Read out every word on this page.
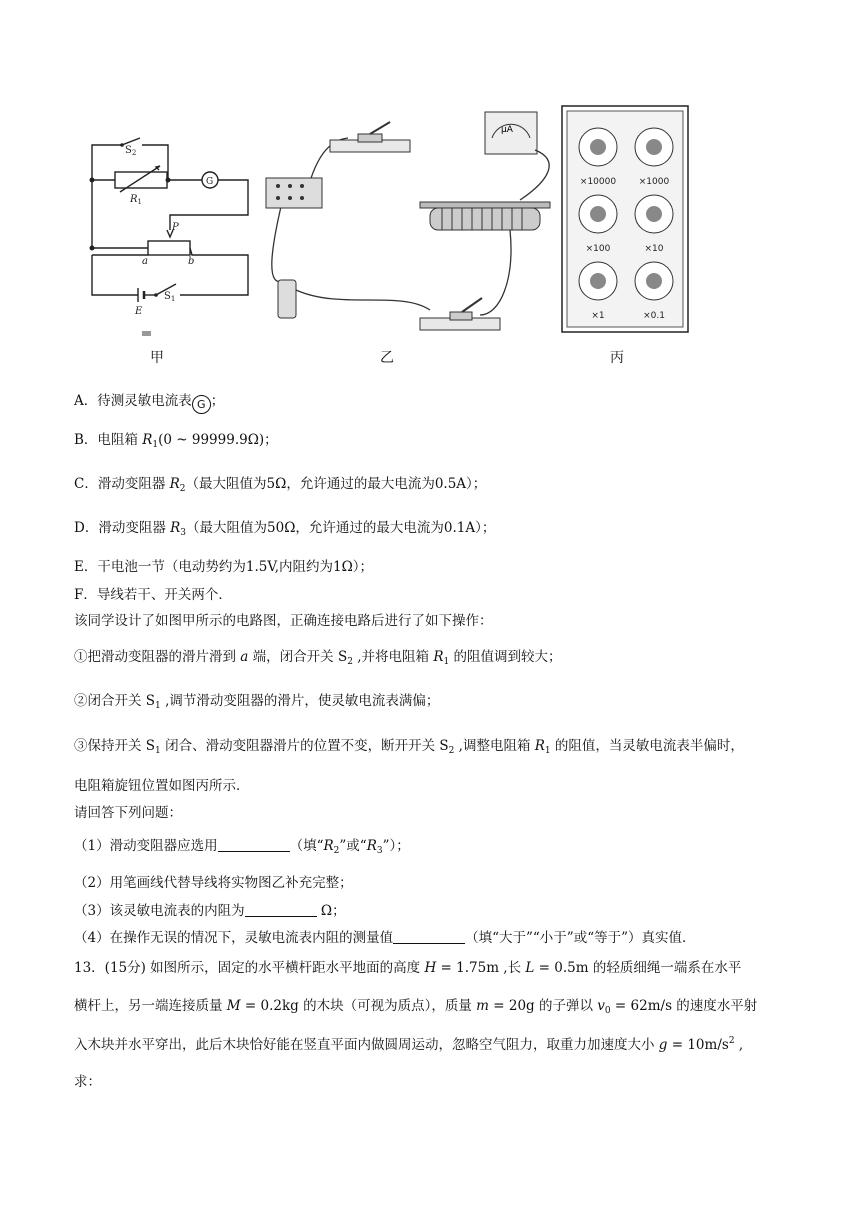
$S_2$
$R_1$
G
P
a	b
E
$S_1$
μA
×10000	×1000
×100	×10
×1	×0.1
甲	乙	丙
A．待测灵敏电流表 G ；
B．电阻箱 $R_1(0$ ~ 99999.9Ω)；
C．滑动变阻器 $R_2$（最大阻值为5Ω，允许通过的最大电流为0.5A）；
D．滑动变阻器 $R_3$（最大阻值为50Ω，允许通过的最大电流为0.1A）；
E．干电池一节（电动势约为1.5V,内阻约为1Ω）；
F．导线若干、开关两个．
该同学设计了如图甲所示的电路图，正确连接电路后进行了如下操作：
①把滑动变阻器的滑片滑到 a 端，闭合开关 $S_2$ ,并将电阻箱 $R_1$ 的阻值调到较大；
②闭合开关 $S_1$ ,调节滑动变阻器的滑片，使灵敏电流表满偏；
③保持开关 $S_1$ 闭合、滑动变阻器滑片的位置不变，断开开关 $S_2$ ,调整电阻箱 $R_1$ 的阻值，当灵敏电流表半偏时，
电阻箱旋钮位置如图丙所示．
请回答下列问题：
（1）滑动变阻器应选用	（填“$R_2$”或“$R_3$”）；
（2）用笔画线代替导线将实物图乙补充完整；
（3）该灵敏电流表的内阻为	Ω；
（4）在操作无误的情况下，灵敏电流表内阻的测量值	（填“大于”“小于”或“等于”）真实值．
13．(15分) 如图所示，固定的水平横杆距水平地面的高度 H = 1.75m ,长 L = 0.5m 的轻质细绳一端系在水平
横杆上，另一端连接质量 M = 0.2kg 的木块（可视为质点），质量 m = 20g 的子弹以 $v_0 = 62m/s$ 的速度水平射
入木块并水平穿出，此后木块恰好能在竖直平面内做圆周运动，忽略空气阻力，取重力加速度大小 $g = 10m/s^2$ ,
求：
